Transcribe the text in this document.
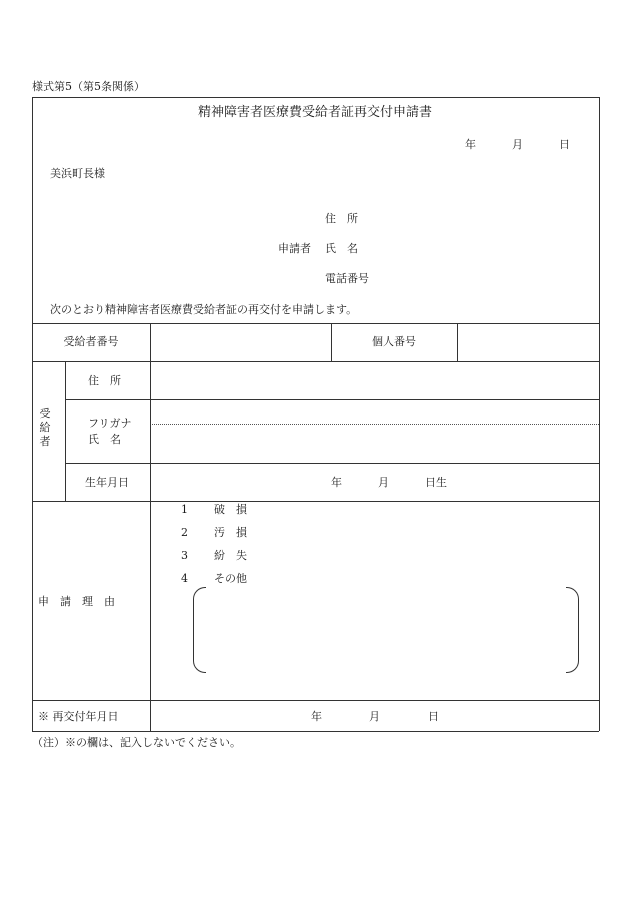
様式第5（第5条関係）
精神障害者医療費受給者証再交付申請書
年	月	日
美浜町長様
住　所
申請者 氏　名
電話番号
次のとおり精神障害者医療費受給者証の再交付を申請します。
受給者番号	個人番号
受給者
住　所
フリガナ
氏　名
生年月日	年	月	日生
申　請　理　由
1 破　損
2 汚　損
3 紛　失
4 その他
※ 再交付年月日	年	月	日
（注）※の欄は、記入しないでください。
